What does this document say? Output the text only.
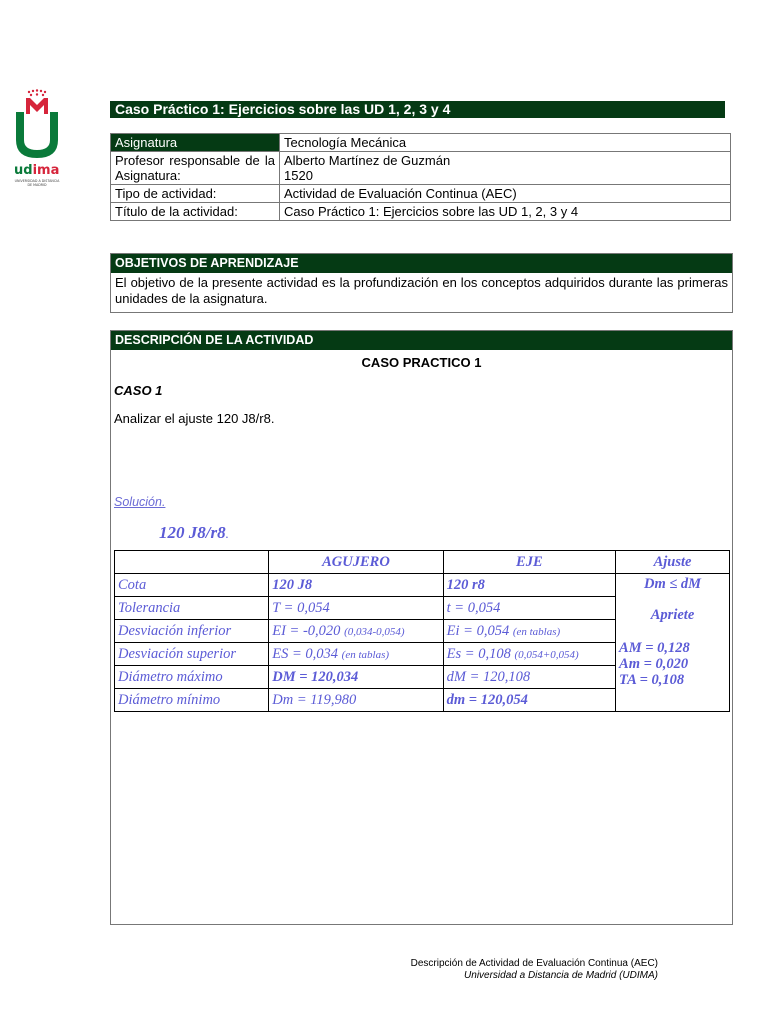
udima
UNIVERSIDAD A DISTANCIA
DE MADRID
Caso Práctico 1: Ejercicios sobre las UD 1, 2, 3 y 4
Asignatura	Tecnología Mecánica
Profesor responsable de la Asignatura:	Alberto Martínez de Guzmán
1520

Tipo de actividad:	Actividad de Evaluación Continua (AEC)
Título de la actividad:	Caso Práctico 1: Ejercicios sobre las UD 1, 2, 3 y 4
OBJETIVOS DE APRENDIZAJE
El objetivo de la presente actividad es la profundización en los conceptos adquiridos durante las primeras unidades de la asignatura.
DESCRIPCIÓN DE LA ACTIVIDAD
CASO PRACTICO 1
CASO 1
Analizar el ajuste 120 J8/r8.
Solución.
120 J8/r8.
	AGUJERO	EJE	Ajuste
Cota	120 J8	120 r8	Dm ≤ dM
Apriete
AM = 0,128
Am = 0,020
TA = 0,108

Tolerancia	T = 0,054	t = 0,054	
Desviación inferior	EI = -0,020 (0,034-0,054)	Ei = 0,054 (en tablas)	
Desviación superior	ES = 0,034 (en tablas)	Es = 0,108 (0,054+0,054)	
Diámetro máximo	DM = 120,034	dM = 120,108	
Diámetro mínimo	Dm = 119,980	dm = 120,054	
Descripción de Actividad de Evaluación Continua (AEC)
Universidad a Distancia de Madrid (UDIMA)
